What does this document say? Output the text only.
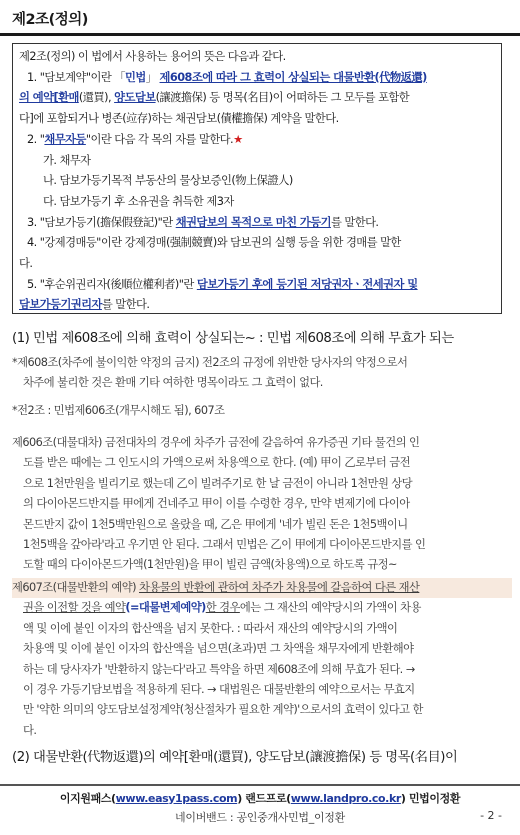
제2조(정의)
제2조(정의) 이 법에서 사용하는 용어의 뜻은 다음과 같다.
1. "담보계약"이란 「민법」 제608조에 따라 그 효력이 상실되는 대물반환(代物返還)
의 예약[환매(還買), 양도담보(讓渡擔保) 등 명목(名目)이 어떠하든 그 모두를 포함한
다]에 포함되거나 병존(竝存)하는 채권담보(債權擔保) 계약을 말한다.
2. "채무자등"이란 다음 각 목의 자를 말한다.★
가. 채무자
나. 담보가등기목적 부동산의 물상보증인(物上保證人)
다. 담보가등기 후 소유권을 취득한 제3자
3. "담보가등기(擔保假登記)"란 채권담보의 목적으로 마친 가등기를 말한다.
4. "강제경매등"이란 강제경매(强制競賣)와 담보권의 실행 등을 위한 경매를 말한
다.
5. "후순위권리자(後順位權利者)"란 담보가등기 후에 등기된 저당권자ㆍ전세권자 및
담보가등기권리자를 말한다.
(1) 민법 제608조에 의해 효력이 상실되는~ : 민법 제608조에 의해 무효가 되는
*제608조(차주에 불이익한 약정의 금지) 전2조의 규정에 위반한 당사자의 약정으로서
차주에 불리한 것은 환매 기타 여하한 명목이라도 그 효력이 없다.
*전2조 : 민법제606조(개무시해도 됨), 607조
제606조(대물대차) 금전대차의 경우에 차주가 금전에 갈음하여 유가증권 기타 물건의 인
도를 받은 때에는 그 인도시의 가액으로써 차용액으로 한다. (예) 甲이 乙로부터 금전
으로 1천만원을 빌리기로 했는데 乙이 빌려주기로 한 날 금전이 아니라 1천만원 상당
의 다이아몬드반지를 甲에게 건네주고 甲이 이를 수령한 경우, 만약 변제기에 다이아
몬드반지 값이 1천5백만원으로 올랐을 때, 乙은 甲에게 '네가 빌린 돈은 1천5백이니
1천5백을 갚아라'라고 우기면 안 된다. 그래서 민법은 乙이 甲에게 다이아몬드반지를 인
도할 때의 다이아몬드가액(1천만원)을 甲이 빌린 금액(차용액)으로 하도록 규정~
제607조(대물반환의 예약) 차용물의 반환에 관하여 차주가 차용물에 갈음하여 다른 재산
권을 이전할 것을 예약(=대물변제예약)한 경우에는 그 재산의 예약당시의 가액이 차용
액 및 이에 붙인 이자의 합산액을 넘지 못한다. : 따라서 재산의 예약당시의 가액이
차용액 및 이에 붙인 이자의 합산액을 넘으면(초과)면 그 차액을 채무자에게 반환해야
하는 데 당사자가 '반환하지 않는다'라고 특약을 하면 제608조에 의해 무효가 된다. →
이 경우 가등기담보법을 적용하게 된다. → 대법원은 대물반환의 예약으로서는 무효지
만 '약한 의미의 양도담보설정계약(청산절차가 필요한 계약)'으로서의 효력이 있다고 한
다.
(2) 대물반환(代物返還)의 예약[환매(還買), 양도담보(讓渡擔保) 등 명목(名目)이
이지원패스(www.easy1pass.com) 랜드프로(www.landpro.co.kr) 민법이정환
네이버밴드 : 공인중개사민법_이정환	- 2 -
